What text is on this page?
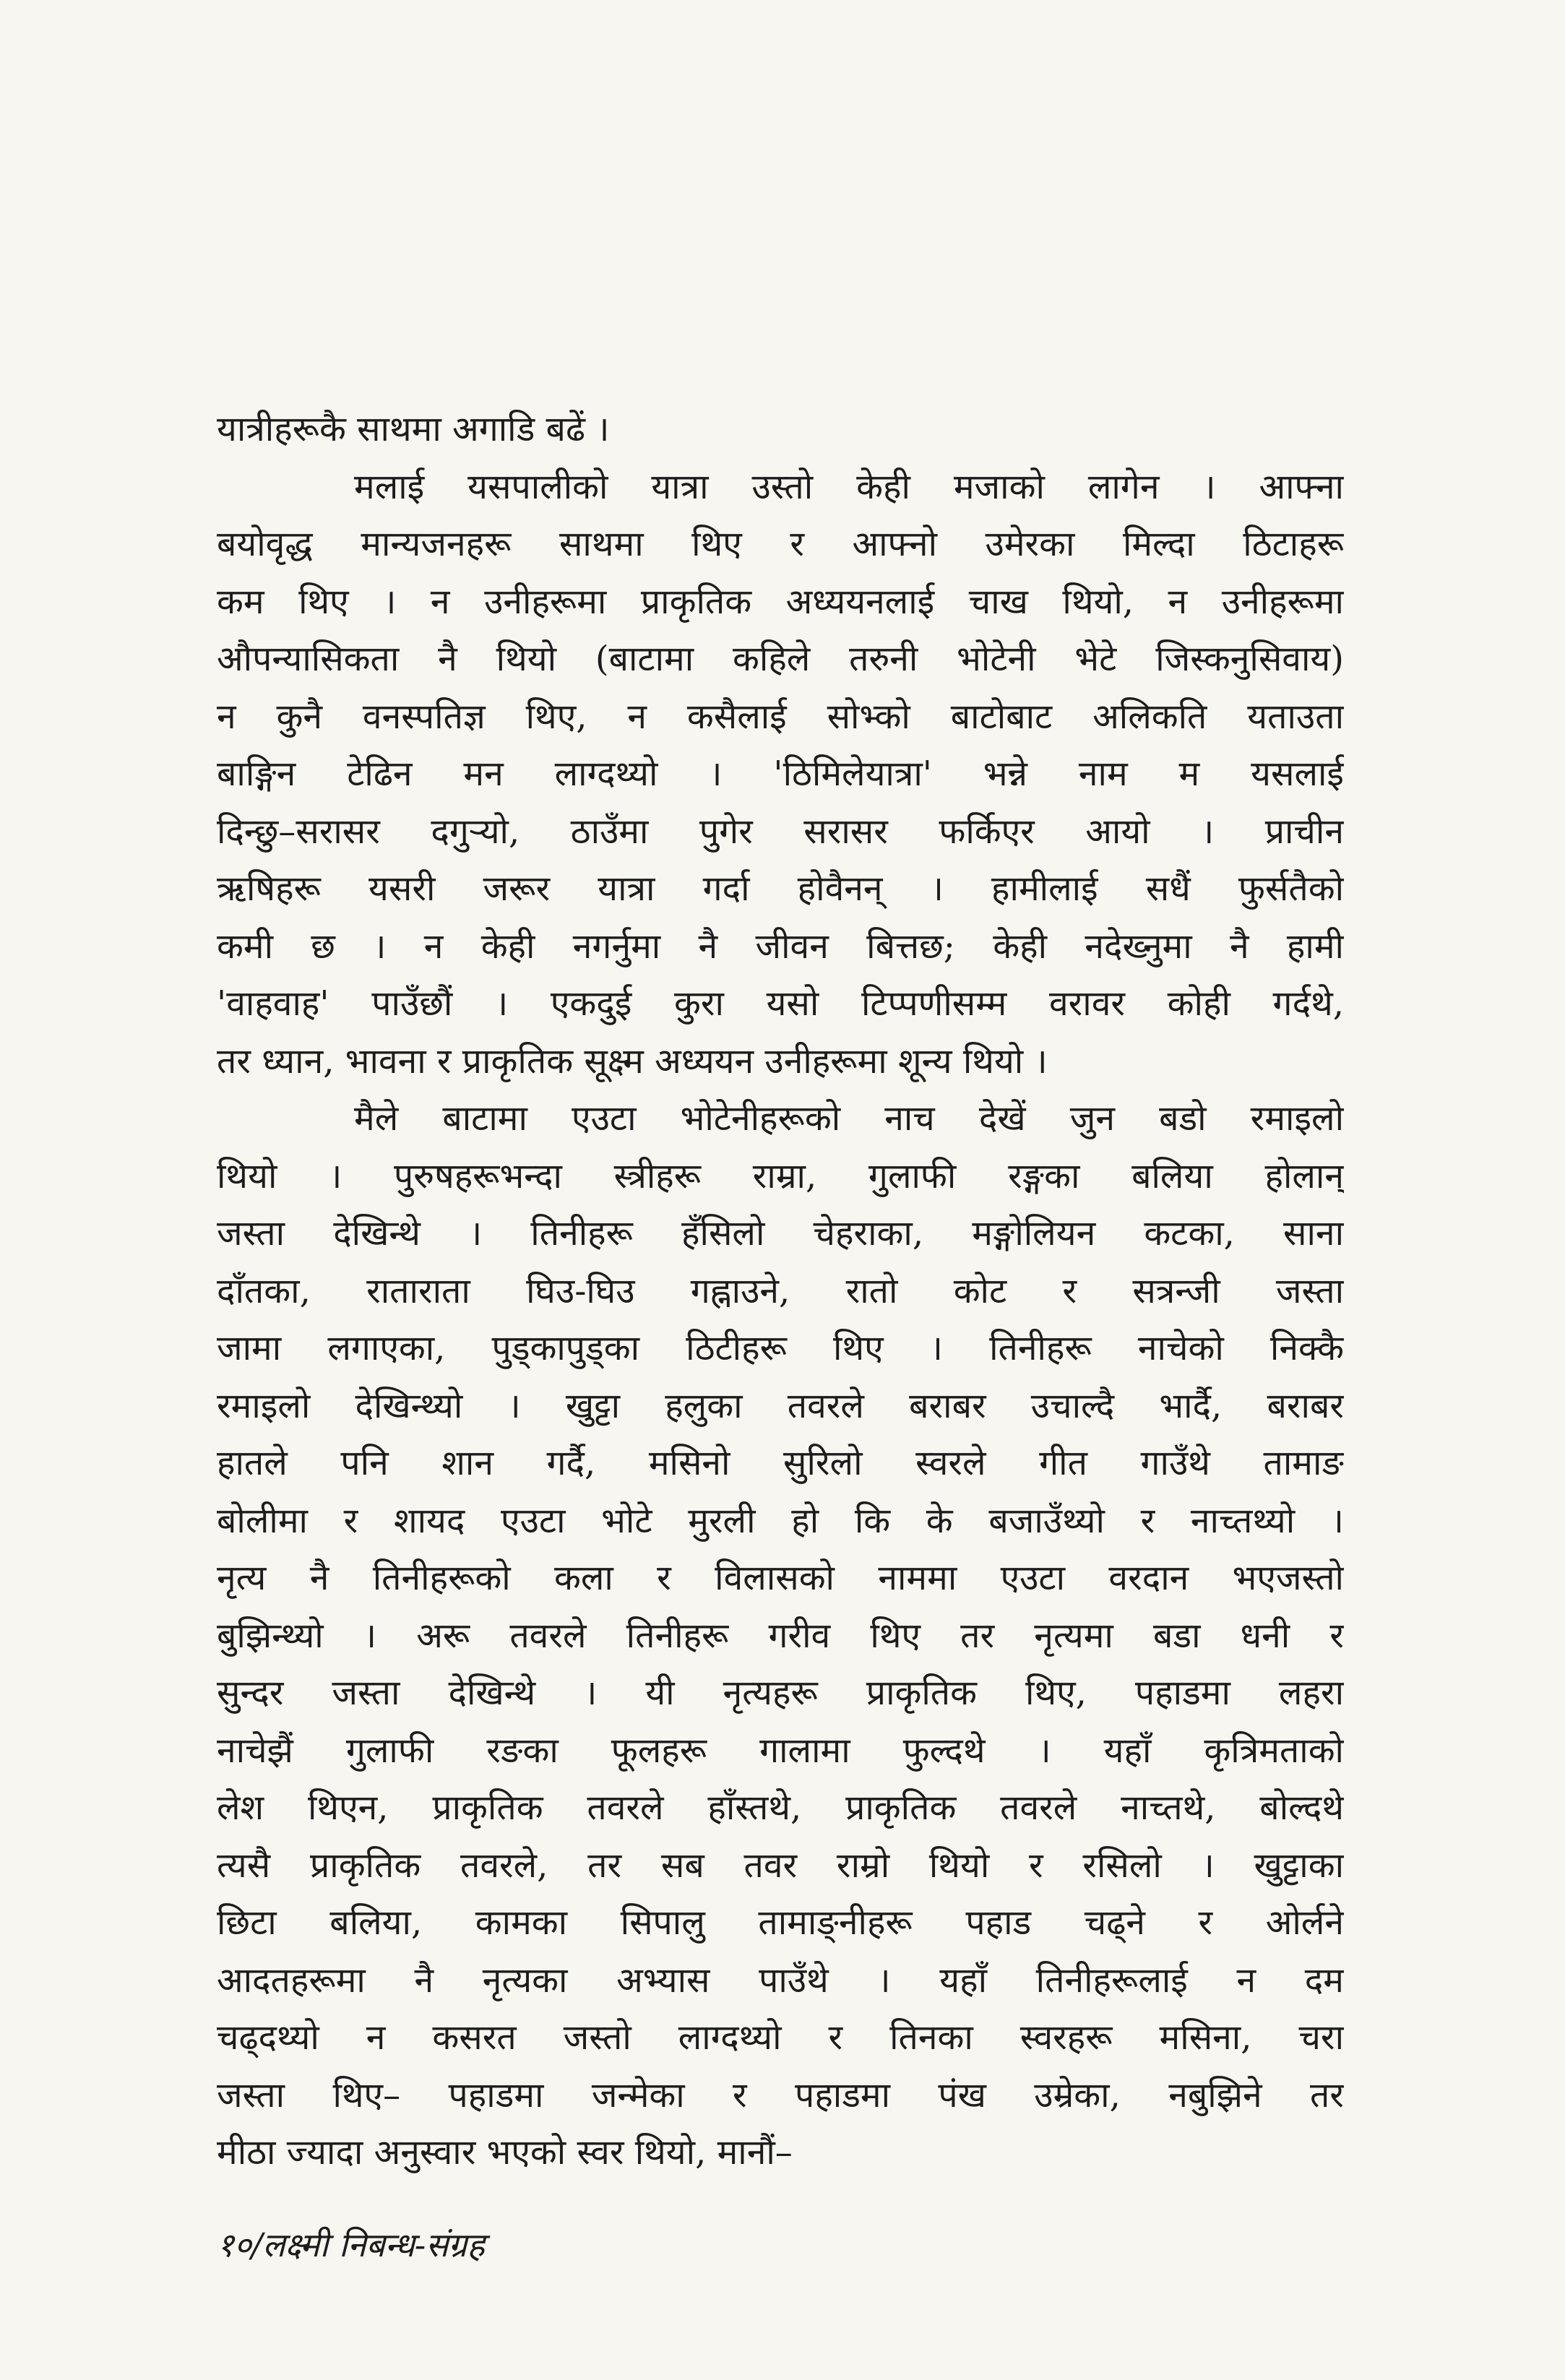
यात्रीहरूकै साथमा अगाडि बढें ।
मलाई यसपालीको यात्रा उस्तो केही मजाको लागेन । आफ्ना
बयोवृद्ध मान्यजनहरू साथमा थिए र आफ्नो उमेरका मिल्दा ठिटाहरू
कम थिए । न उनीहरूमा प्राकृतिक अध्ययनलाई चाख थियो, न उनीहरूमा
औपन्यासिकता नै थियो (बाटामा कहिले तरुनी भोटेनी भेटे जिस्कनुसिवाय)
न कुनै वनस्पतिज्ञ थिए, न कसैलाई सोभ्को बाटोबाट अलिकति यताउता
बाङ्गिन टेढिन मन लाग्दथ्यो । 'ठिमिलेयात्रा' भन्ने नाम म यसलाई
दिन्छु–सरासर दगुर्‍यो, ठाउँमा पुगेर सरासर फर्किएर आयो । प्राचीन
ऋषिहरू यसरी जरूर यात्रा गर्दा होवैनन् । हामीलाई सधैं फुर्सतैको
कमी छ । न केही नगर्नुमा नै जीवन बित्तछ; केही नदेख्नुमा नै हामी
'वाहवाह' पाउँछौं । एकदुई कुरा यसो टिप्पणीसम्म वरावर कोही गर्दथे,
तर ध्यान, भावना र प्राकृतिक सूक्ष्म अध्ययन उनीहरूमा शून्य थियो ।
मैले बाटामा एउटा भोटेनीहरूको नाच देखें जुन बडो रमाइलो
थियो । पुरुषहरूभन्दा स्त्रीहरू राम्रा, गुलाफी रङ्गका बलिया होलान्
जस्ता देखिन्थे । तिनीहरू हँसिलो चेहराका, मङ्गोलियन कटका, साना
दाँतका, राताराता घिउ-घिउ गह्नाउने, रातो कोट र सत्रन्जी जस्ता
जामा लगाएका, पुड्कापुड्का ठिटीहरू थिए । तिनीहरू नाचेको निक्कै
रमाइलो देखिन्थ्यो । खुट्टा हलुका तवरले बराबर उचाल्दै भार्दै, बराबर
हातले पनि शान गर्दै, मसिनो सुरिलो स्वरले गीत गाउँथे तामाङ
बोलीमा र शायद एउटा भोटे मुरली हो कि के बजाउँथ्यो र नाच्तथ्यो ।
नृत्य नै तिनीहरूको कला र विलासको नाममा एउटा वरदान भएजस्तो
बुझिन्थ्यो । अरू तवरले तिनीहरू गरीव थिए तर नृत्यमा बडा धनी र
सुन्दर जस्ता देखिन्थे । यी नृत्यहरू प्राकृतिक थिए, पहाडमा लहरा
नाचेझैं गुलाफी रङका फूलहरू गालामा फुल्दथे । यहाँ कृत्रिमताको
लेश थिएन, प्राकृतिक तवरले हाँस्तथे, प्राकृतिक तवरले नाच्तथे, बोल्दथे
त्यसै प्राकृतिक तवरले, तर सब तवर राम्रो थियो र रसिलो । खुट्टाका
छिटा बलिया, कामका सिपालु तामाङ्नीहरू पहाड चढ्ने र ओर्लने
आदतहरूमा नै नृत्यका अभ्यास पाउँथे । यहाँ तिनीहरूलाई न दम
चढ्दथ्यो न कसरत जस्तो लाग्दथ्यो र तिनका स्वरहरू मसिना, चरा
जस्ता थिए– पहाडमा जन्मेका र पहाडमा पंख उम्रेका, नबुझिने तर
मीठा ज्यादा अनुस्वार भएको स्वर थियो, मानौं–
१०/लक्ष्मी निबन्ध-संग्रह
